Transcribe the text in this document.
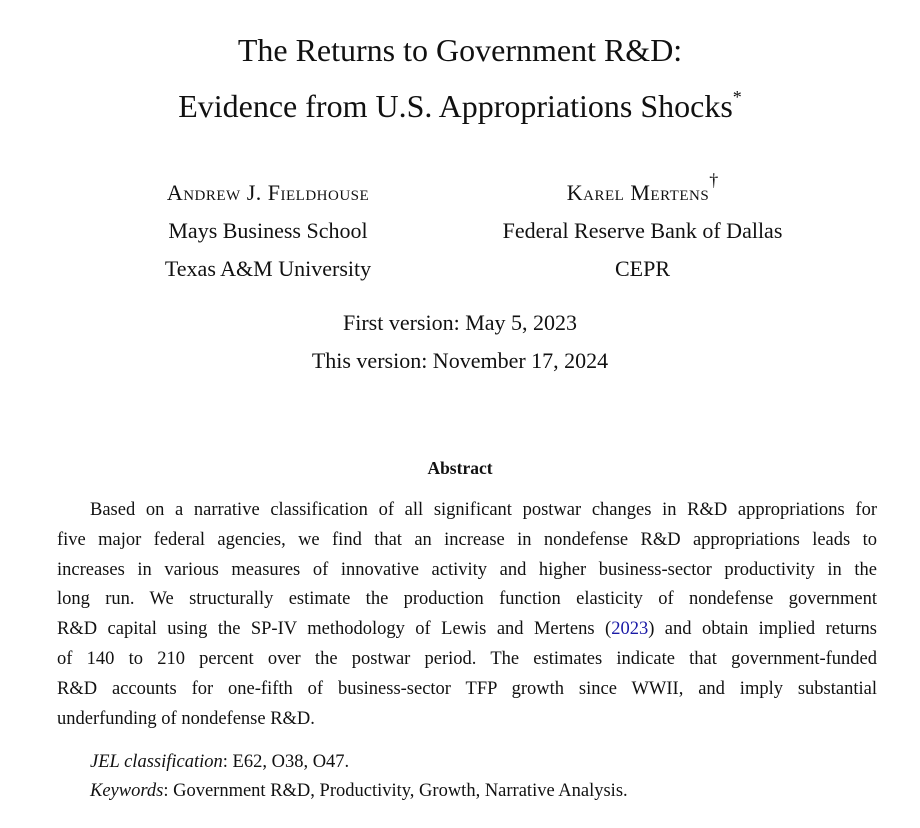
The Returns to Government R&D:
Evidence from U.S. Appropriations Shocks*
Andrew J. Fieldhouse
Mays Business School
Texas A&M University
Karel Mertens†
Federal Reserve Bank of Dallas
CEPR
First version: May 5, 2023
This version: November 17, 2024
Abstract
Based on a narrative classification of all significant postwar changes in R&D appropriations for
five major federal agencies, we find that an increase in nondefense R&D appropriations leads to
increases in various measures of innovative activity and higher business-sector productivity in the
long run. We structurally estimate the production function elasticity of nondefense government
R&D capital using the SP-IV methodology of Lewis and Mertens (2023) and obtain implied returns
of 140 to 210 percent over the postwar period. The estimates indicate that government-funded
R&D accounts for one-fifth of business-sector TFP growth since WWII, and imply substantial
underfunding of nondefense R&D.
JEL classification: E62, O38, O47.
Keywords: Government R&D, Productivity, Growth, Narrative Analysis.
